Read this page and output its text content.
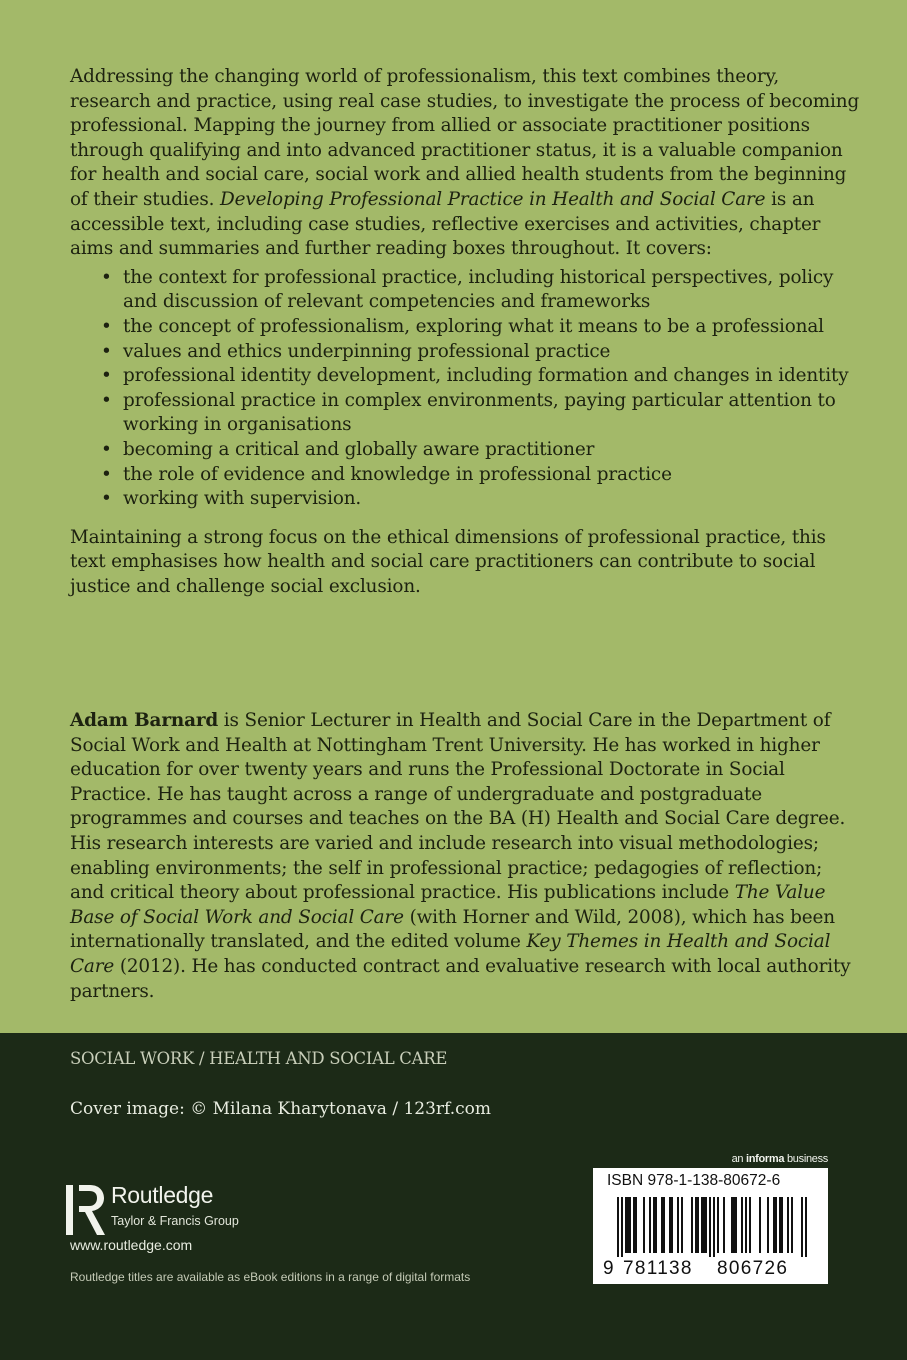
Addressing the changing world of professionalism, this text combines theory, research and practice, using real case studies, to investigate the process of becoming professional. Mapping the journey from allied or associate practitioner positions through qualifying and into advanced practitioner status, it is a valuable companion for health and social care, social work and allied health students from the beginning of their studies. Developing Professional Practice in Health and Social Care is an accessible text, including case studies, reflective exercises and activities, chapter aims and summaries and further reading boxes throughout. It covers:

• the context for professional practice, including historical perspectives, policy and discussion of relevant competencies and frameworks
• the concept of professionalism, exploring what it means to be a professional
• values and ethics underpinning professional practice
• professional identity development, including formation and changes in identity
• professional practice in complex environments, paying particular attention to working in organisations
• becoming a critical and globally aware practitioner
• the role of evidence and knowledge in professional practice
• working with supervision.

Maintaining a strong focus on the ethical dimensions of professional practice, this text emphasises how health and social care practitioners can contribute to social justice and challenge social exclusion.

Adam Barnard is Senior Lecturer in Health and Social Care in the Department of Social Work and Health at Nottingham Trent University. He has worked in higher education for over twenty years and runs the Professional Doctorate in Social Practice. He has taught across a range of undergraduate and postgraduate programmes and courses and teaches on the BA (H) Health and Social Care degree. His research interests are varied and include research into visual methodologies; enabling environments; the self in professional practice; pedagogies of reflection; and critical theory about professional practice. His publications include The Value Base of Social Work and Social Care (with Horner and Wild, 2008), which has been internationally translated, and the edited volume Key Themes in Health and Social Care (2012). He has conducted contract and evaluative research with local authority partners.

SOCIAL WORK / HEALTH AND SOCIAL CARE
Cover image: © Milana Kharytonava / 123rf.com
Routledge
Taylor & Francis Group
www.routledge.com
Routledge titles are available as eBook editions in a range of digital formats
an informa business
ISBN 978-1-138-80672-6
9 781138 806726
